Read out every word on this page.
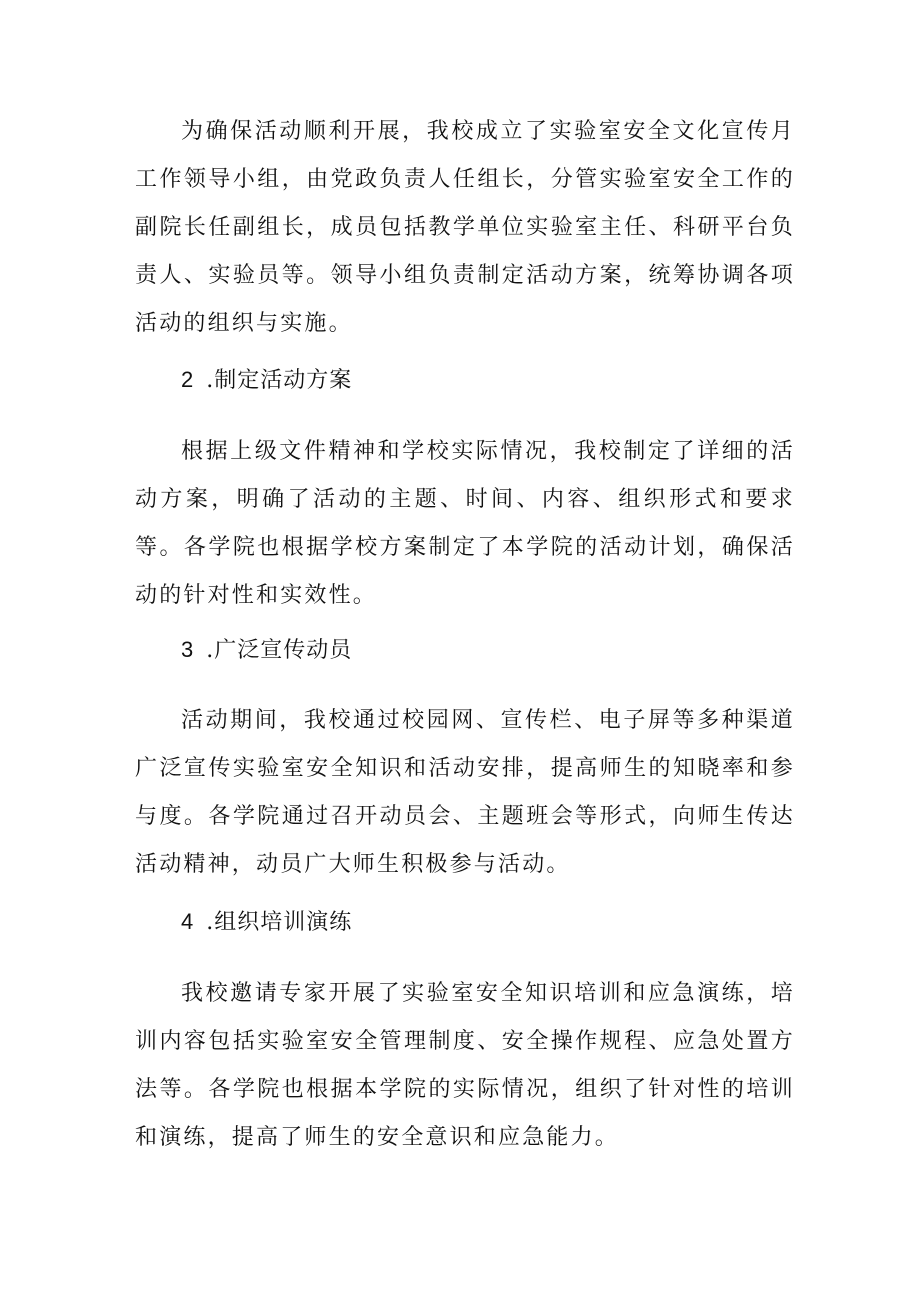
为确保活动顺利开展，我校成立了实验室安全文化宣传月工作领导小组，由党政负责人任组长，分管实验室安全工作的副院长任副组长，成员包括教学单位实验室主任、科研平台负责人、实验员等。领导小组负责制定活动方案，统筹协调各项活动的组织与实施。

2 .制定活动方案

根据上级文件精神和学校实际情况，我校制定了详细的活动方案，明确了活动的主题、时间、内容、组织形式和要求等。各学院也根据学校方案制定了本学院的活动计划，确保活动的针对性和实效性。

3 .广泛宣传动员

活动期间，我校通过校园网、宣传栏、电子屏等多种渠道广泛宣传实验室安全知识和活动安排，提高师生的知晓率和参与度。各学院通过召开动员会、主题班会等形式，向师生传达活动精神，动员广大师生积极参与活动。

4 .组织培训演练

我校邀请专家开展了实验室安全知识培训和应急演练，培训内容包括实验室安全管理制度、安全操作规程、应急处置方法等。各学院也根据本学院的实际情况，组织了针对性的培训和演练，提高了师生的安全意识和应急能力。
